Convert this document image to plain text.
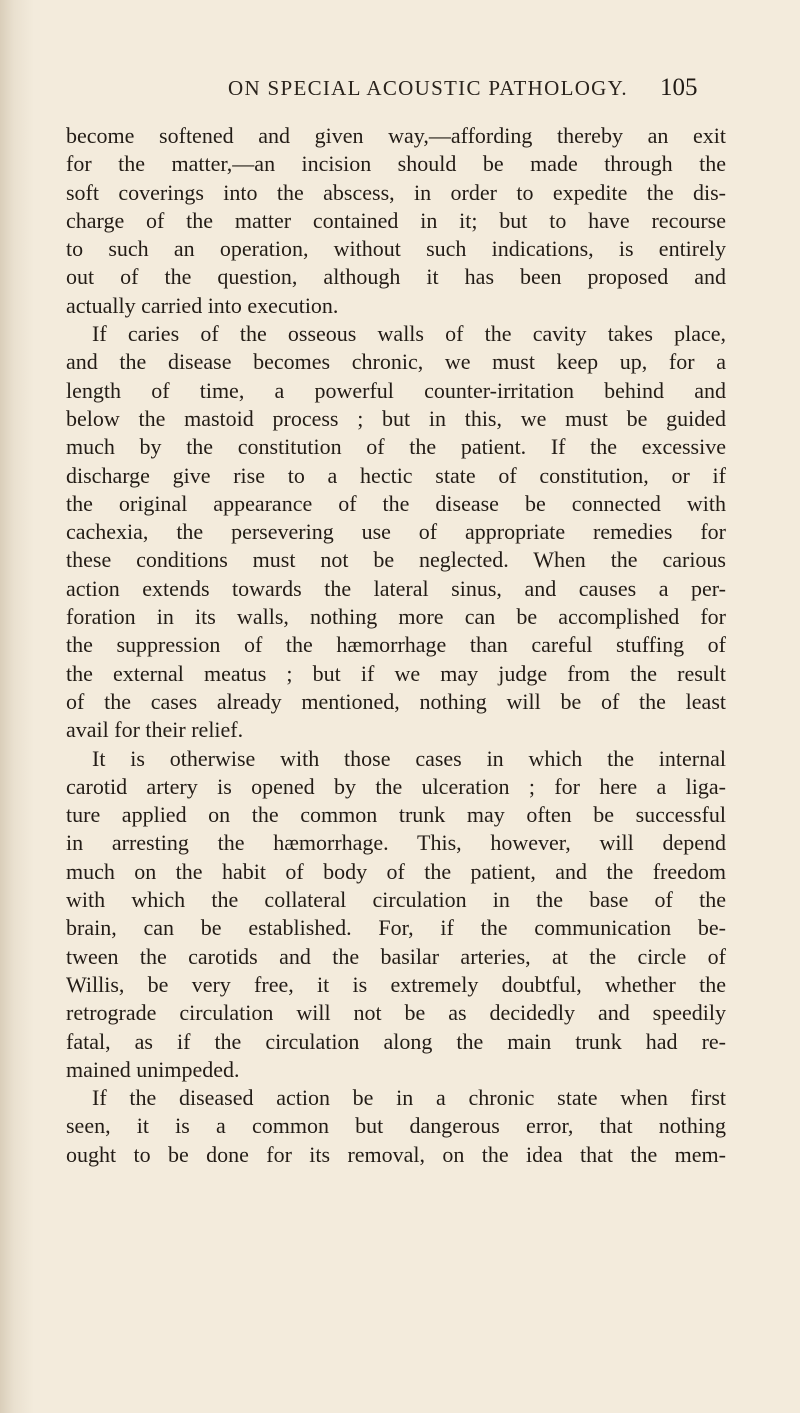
ON SPECIAL ACOUSTIC PATHOLOGY. 105
become softened and given way,—affording thereby an exit
for the matter,—an incision should be made through the
soft coverings into the abscess, in order to expedite the dis-
charge of the matter contained in it; but to have recourse
to such an operation, without such indications, is entirely
out of the question, although it has been proposed and
actually carried into execution.
If caries of the osseous walls of the cavity takes place,
and the disease becomes chronic, we must keep up, for a
length of time, a powerful counter-irritation behind and
below the mastoid process ; but in this, we must be guided
much by the constitution of the patient. If the excessive
discharge give rise to a hectic state of constitution, or if
the original appearance of the disease be connected with
cachexia, the persevering use of appropriate remedies for
these conditions must not be neglected. When the carious
action extends towards the lateral sinus, and causes a per-
foration in its walls, nothing more can be accomplished for
the suppression of the hæmorrhage than careful stuffing of
the external meatus ; but if we may judge from the result
of the cases already mentioned, nothing will be of the least
avail for their relief.
It is otherwise with those cases in which the internal
carotid artery is opened by the ulceration ; for here a liga-
ture applied on the common trunk may often be successful
in arresting the hæmorrhage. This, however, will depend
much on the habit of body of the patient, and the freedom
with which the collateral circulation in the base of the
brain, can be established. For, if the communication be-
tween the carotids and the basilar arteries, at the circle of
Willis, be very free, it is extremely doubtful, whether the
retrograde circulation will not be as decidedly and speedily
fatal, as if the circulation along the main trunk had re-
mained unimpeded.
If the diseased action be in a chronic state when first
seen, it is a common but dangerous error, that nothing
ought to be done for its removal, on the idea that the mem-
